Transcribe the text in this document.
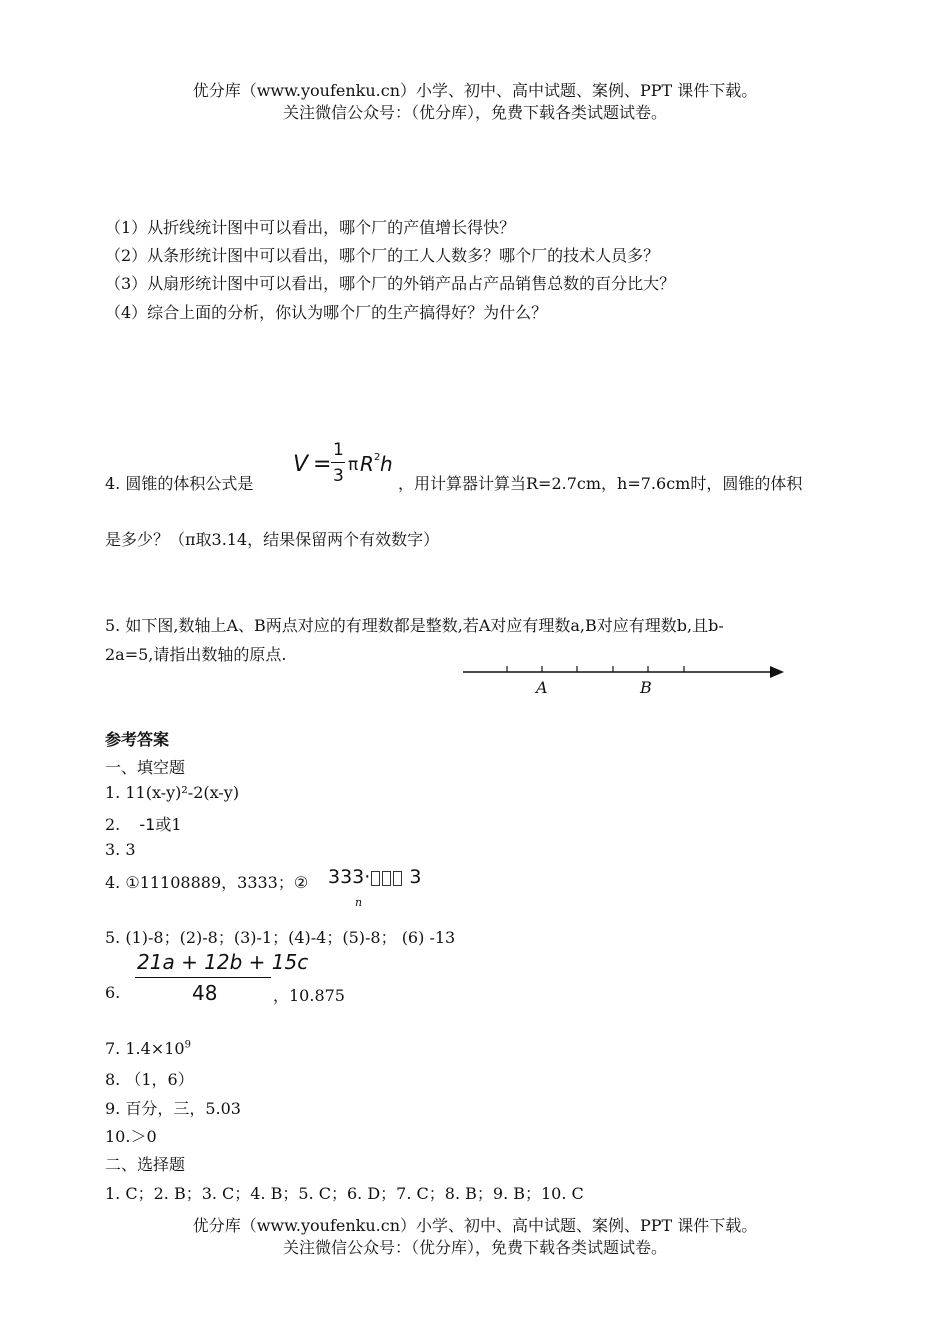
优分库（www.youfenku.cn）小学、初中、高中试题、案例、PPT 课件下载。
关注微信公众号：（优分库），免费下载各类试题试卷。
（1）从折线统计图中可以看出，哪个厂的产值增长得快？
（2）从条形统计图中可以看出，哪个厂的工人人数多？哪个厂的技术人员多？
（3）从扇形统计图中可以看出，哪个厂的外销产品占产品销售总数的百分比大？
（4）综合上面的分析，你认为哪个厂的生产搞得好？为什么？
4. 圆锥的体积公式是
V =
1
3
π R 2 h
，用计算器计算当R=2.7cm，h=7.6cm时，圆锥的体积
是多少？（π取3.14，结果保留两个有效数字）
5. 如下图,数轴上A、B两点对应的有理数都是整数,若A对应有理数a,B对应有理数b,且b-
2a=5,请指出数轴的原点.
A	B
参考答案
一、填空题
1. 11(x-y)²-2(x-y)
2. -1或1
3. 3
4. ①11108889，3333；② 333· 3
n
5. (1)-8；(2)-8；(3)-1；(4)-4；(5)-8； (6) -13
6.
21a + 12b + 15c
48	，10.875
7. $1.4\times 10^9$
8. （1，6）
9. 百分，三，5.03
10.＞0
二、选择题
1. C；2. B；3. C；4. B；5. C；6. D；7. C；8. B；9. B；10. C
优分库（www.youfenku.cn）小学、初中、高中试题、案例、PPT 课件下载。
关注微信公众号：（优分库），免费下载各类试题试卷。
